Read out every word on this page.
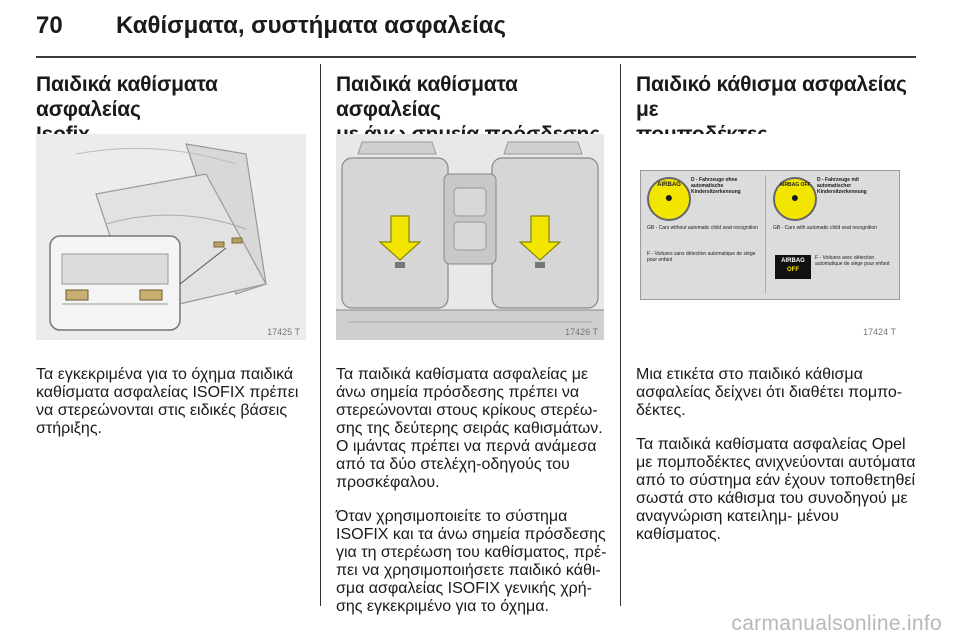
70 Καθίσματα, συστήματα ασφαλείας
Παιδικά καθίσματα ασφαλείας

17425 T

Τα εγκεκριμένα για το όχημα παιδικά καθίσματα ασφαλείας ISOFIX πρέπει να στερεώνονται στις ειδικές βάσεις στήριξης.

Παιδικά καθίσματα ασφαλείας

17426 T

Τα παιδικά καθίσματα ασφαλείας με άνω σημεία πρόσδεσης πρέπει να στερεώνονται στους κρίκους στερέω- σης της δεύτερης σειράς καθισμάτων. Ο ιμάντας πρέπει να περνά ανάμεσα από τα δύο στελέχη-οδηγούς του προσκέφαλου.

Όταν χρησιμοποιείτε το σύστημα ISOFIX και τα άνω σημεία πρόσδεσης για τη στερέωση του καθίσματος, πρέ- πει να χρησιμοποιήσετε παιδικό κάθι- σμα ασφαλείας ISOFIX γενικής χρή- σης εγκεκριμένο για το όχημα.

Παιδικό κάθισμα ασφαλείας με

AIRBAG
●
D - Fahrzeuge ohne automatische Kindersitzerkennung
GB - Cars without automatic child seat recognition
F - Voitures sans détection automatique de siège pour enfant
AIRBAG OFF
●
D - Fahrzeuge mit automatischer Kindersitzerkennung
GB - Cars with automatic child seat recognition
AIRBAG
OFF
F - Voitures avec détection automatique de siège pour enfant
17424 T

Μια ετικέτα στο παιδικό κάθισμα ασφαλείας δείχνει ότι διαθέτει πομπο- δέκτες.

Τα παιδικά καθίσματα ασφαλείας Opel με πομποδέκτες ανιχνεύονται αυτόματα από το σύστημα εάν έχουν τοποθετηθεί σωστά στο κάθισμα του συνοδηγού με αναγνώριση κατειλημ- μένου καθίσματος.

carmanualsonline.info
